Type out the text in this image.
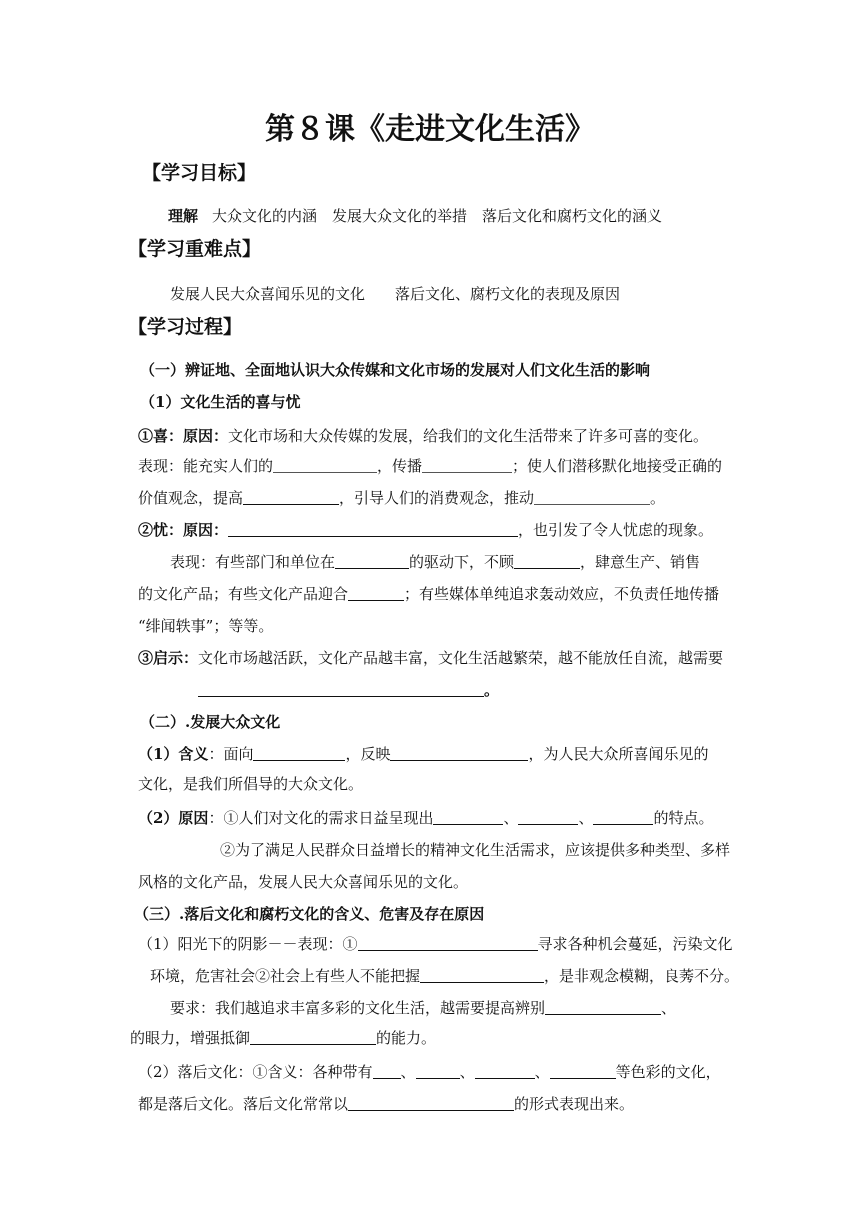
第８课《走进文化生活》
【学习目标】
理解 大众文化的内涵　发展大众文化的举措　落后文化和腐朽文化的涵义
【学习重难点】
发展人民大众喜闻乐见的文化　　落后文化、腐朽文化的表现及原因
【学习过程】
（一）辨证地、全面地认识大众传媒和文化市场的发展对人们文化生活的影响
（1）文化生活的喜与忧
①喜：原因：文化市场和大众传媒的发展，给我们的文化生活带来了许多可喜的变化。
表现：能充实人们的	，传播	；使人们潜移默化地接受正确的
价值观念，提高	，引导人们的消费观念，推动	。
②忧：原因：	，也引发了令人忧虑的现象。
表现：有些部门和单位在	的驱动下，不顾	，肆意生产、销售
的文化产品；有些文化产品迎合	；有些媒体单纯追求轰动效应，不负责任地传播
“绯闻轶事”；等等。
③启示：文化市场越活跃，文化产品越丰富，文化生活越繁荣，越不能放任自流，越需要
。
（二）.发展大众文化
（1）含义：面向	，反映	，为人民大众所喜闻乐见的
文化，是我们所倡导的大众文化。
（2）原因：①人们对文化的需求日益呈现出	、	、	的特点。
②为了满足人民群众日益增长的精神文化生活需求，应该提供多种类型、多样
风格的文化产品，发展人民大众喜闻乐见的文化。
（三）.落后文化和腐朽文化的含义、危害及存在原因
（1）阳光下的阴影－－表现：①	寻求各种机会蔓延，污染文化
环境，危害社会②社会上有些人不能把握	，是非观念模糊，良莠不分。
要求：我们越追求丰富多彩的文化生活，越需要提高辨别	、
的眼力，增强抵御	的能力。
（2）落后文化：①含义：各种带有 、	、	、	等色彩的文化，
都是落后文化。落后文化常常以	的形式表现出来。
